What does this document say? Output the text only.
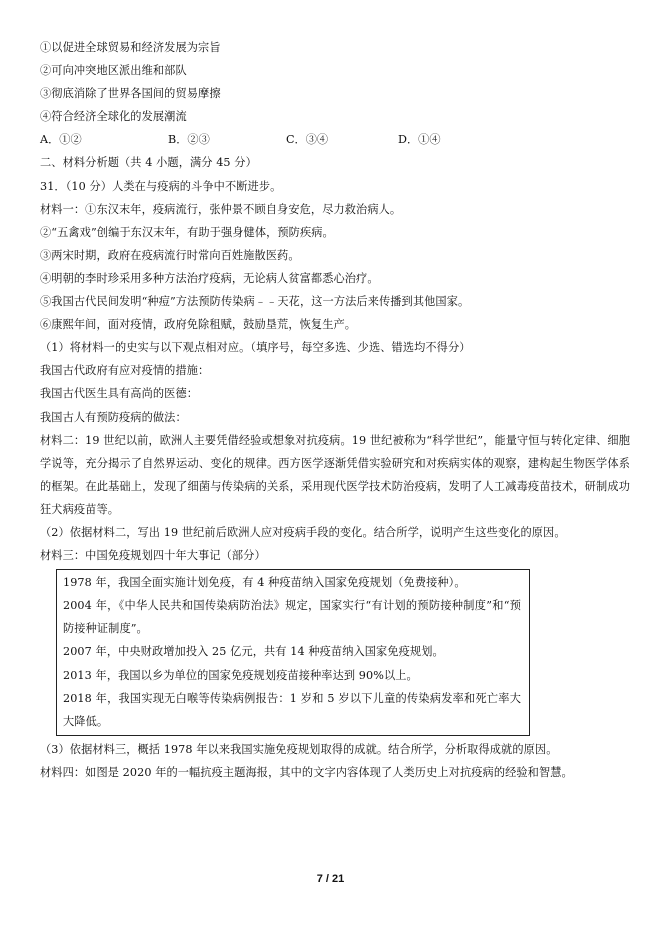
①以促进全球贸易和经济发展为宗旨
②可向冲突地区派出维和部队
③彻底消除了世界各国间的贸易摩擦
④符合经济全球化的发展潮流
A．①②	B．②③	C．③④	D．①④
二、材料分析题（共 4 小题，满分 45 分）
31．（10 分）人类在与疫病的斗争中不断进步。
材料一：①东汉末年，疫病流行，张仲景不顾自身安危，尽力救治病人。
②“五禽戏”创编于东汉末年，有助于强身健体，预防疾病。
③两宋时期，政府在疫病流行时常向百姓施散医药。
④明朝的李时珍采用多种方法治疗疫病，无论病人贫富都悉心治疗。
⑤我国古代民间发明“种痘”方法预防传染病﹣﹣天花，这一方法后来传播到其他国家。
⑥康熙年间，面对疫情，政府免除租赋，鼓励垦荒，恢复生产。
（1）将材料一的史实与以下观点相对应。（填序号，每空多选、少选、错选均不得分）
我国古代政府有应对疫情的措施：
我国古代医生具有高尚的医德：
我国古人有预防疫病的做法：

材料二：19 世纪以前，欧洲人主要凭借经验或想象对抗疫病。19 世纪被称为“科学世纪”，能量守恒与转化定律、细胞学说等，充分揭示了自然界运动、变化的规律。西方医学逐渐凭借实验研究和对疾病实体的观察，建构起生物医学体系的框架。在此基础上，发现了细菌与传染病的关系，采用现代医学技术防治疫病，发明了人工减毒疫苗技术，研制成功狂犬病疫苗等。

（2）依据材料二，写出 19 世纪前后欧洲人应对疫病手段的变化。结合所学，说明产生这些变化的原因。
材料三：中国免疫规划四十年大事记（部分）
1978 年，我国全面实施计划免疫，有 4 种疫苗纳入国家免疫规划（免费接种）。

2004 年，《中华人民共和国传染病防治法》规定，国家实行“有计划的预防接种制度”和“预防接种证制度”。

2007 年，中央财政增加投入 25 亿元，共有 14 种疫苗纳入国家免疫规划。
2013 年，我国以乡为单位的国家免疫规划疫苗接种率达到 90%以上。

2018 年，我国实现无白喉等传染病例报告：1 岁和 5 岁以下儿童的传染病发率和死亡率大大降低。

（3）依据材料三，概括 1978 年以来我国实施免疫规划取得的成就。结合所学，分析取得成就的原因。
材料四：如图是 2020 年的一幅抗疫主题海报，其中的文字内容体现了人类历史上对抗疫病的经验和智慧。
7 / 21
